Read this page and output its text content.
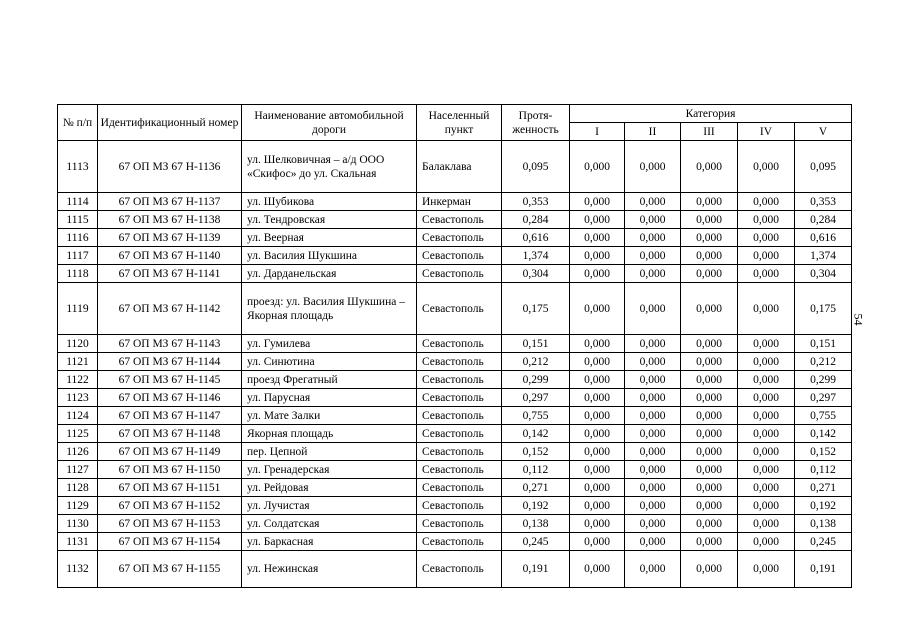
№ п/п	Идентификационный номер	Наименование автомобильной дороги	Населенный пункт	Протя-женность	Категория				
					I	II	III	IV	V
1113	67 ОП МЗ 67 Н-1136	ул. Шелковичная – а/д ООО «Скифос» до ул. Скальная	Балаклава	0,095	0,000	0,000	0,000	0,000	0,095
1114	67 ОП МЗ 67 Н-1137	ул. Шубикова	Инкерман	0,353	0,000	0,000	0,000	0,000	0,353
1115	67 ОП МЗ 67 Н-1138	ул. Тендровская	Севастополь	0,284	0,000	0,000	0,000	0,000	0,284
1116	67 ОП МЗ 67 Н-1139	ул. Веерная	Севастополь	0,616	0,000	0,000	0,000	0,000	0,616
1117	67 ОП МЗ 67 Н-1140	ул. Василия Шукшина	Севастополь	1,374	0,000	0,000	0,000	0,000	1,374
1118	67 ОП МЗ 67 Н-1141	ул. Дарданельская	Севастополь	0,304	0,000	0,000	0,000	0,000	0,304
1119	67 ОП МЗ 67 Н-1142	проезд: ул. Василия Шукшина – Якорная площадь	Севастополь	0,175	0,000	0,000	0,000	0,000	0,175
1120	67 ОП МЗ 67 Н-1143	ул. Гумилева	Севастополь	0,151	0,000	0,000	0,000	0,000	0,151
1121	67 ОП МЗ 67 Н-1144	ул. Синютина	Севастополь	0,212	0,000	0,000	0,000	0,000	0,212
1122	67 ОП МЗ 67 Н-1145	проезд Фрегатный	Севастополь	0,299	0,000	0,000	0,000	0,000	0,299
1123	67 ОП МЗ 67 Н-1146	ул. Парусная	Севастополь	0,297	0,000	0,000	0,000	0,000	0,297
1124	67 ОП МЗ 67 Н-1147	ул. Мате Залки	Севастополь	0,755	0,000	0,000	0,000	0,000	0,755
1125	67 ОП МЗ 67 Н-1148	Якорная площадь	Севастополь	0,142	0,000	0,000	0,000	0,000	0,142
1126	67 ОП МЗ 67 Н-1149	пер. Цепной	Севастополь	0,152	0,000	0,000	0,000	0,000	0,152
1127	67 ОП МЗ 67 Н-1150	ул. Гренадерская	Севастополь	0,112	0,000	0,000	0,000	0,000	0,112
1128	67 ОП МЗ 67 Н-1151	ул. Рейдовая	Севастополь	0,271	0,000	0,000	0,000	0,000	0,271
1129	67 ОП МЗ 67 Н-1152	ул. Лучистая	Севастополь	0,192	0,000	0,000	0,000	0,000	0,192
1130	67 ОП МЗ 67 Н-1153	ул. Солдатская	Севастополь	0,138	0,000	0,000	0,000	0,000	0,138
1131	67 ОП МЗ 67 Н-1154	ул. Баркасная	Севастополь	0,245	0,000	0,000	0,000	0,000	0,245
1132	67 ОП МЗ 67 Н-1155	ул. Нежинская	Севастополь	0,191	0,000	0,000	0,000	0,000	0,191
54
